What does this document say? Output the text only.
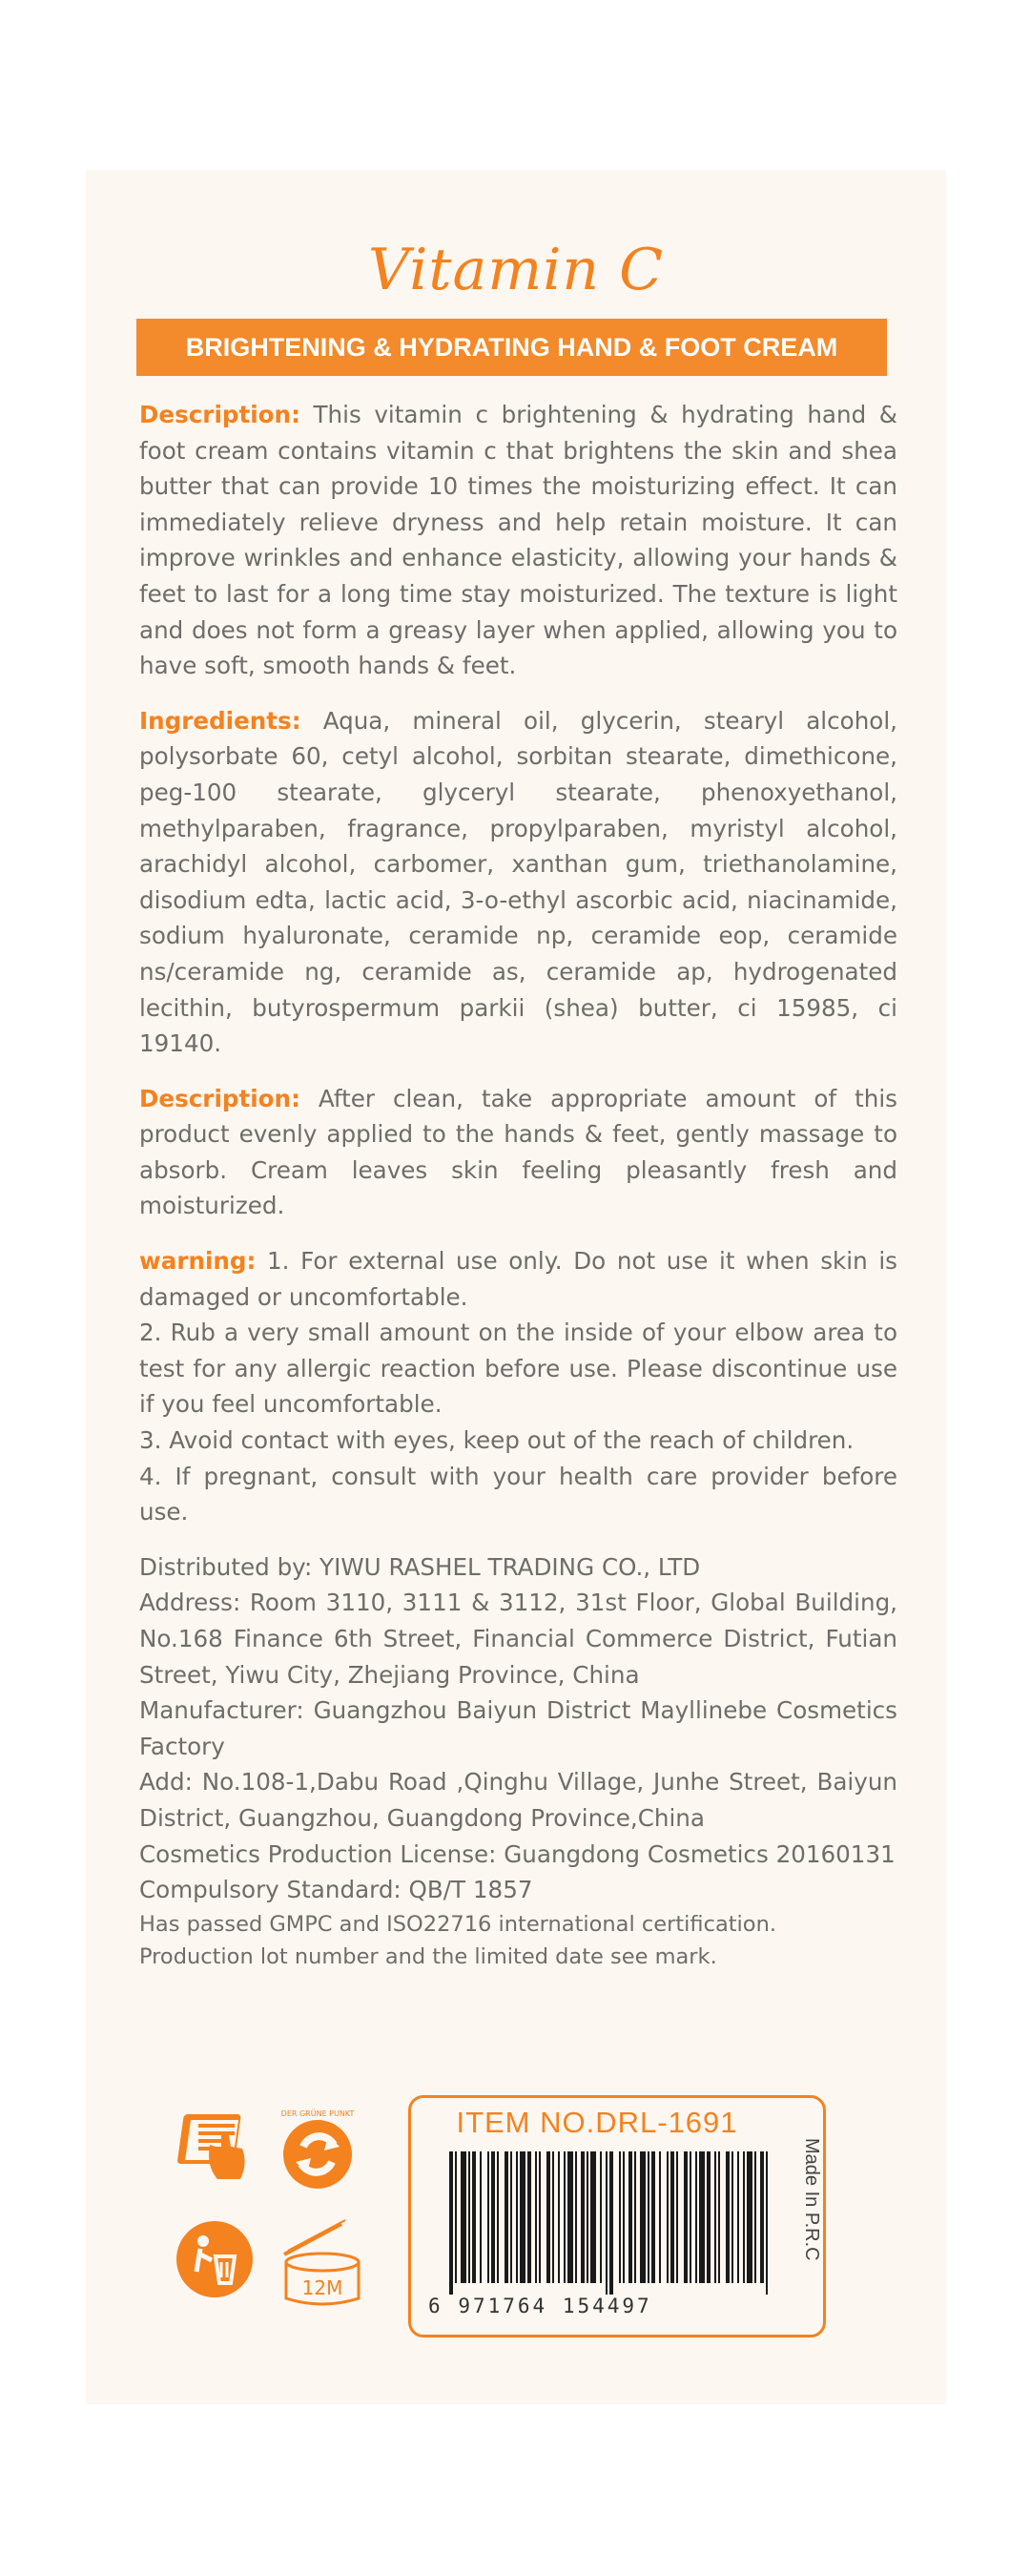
Vitamin C
BRIGHTENING & HYDRATING HAND & FOOT CREAM

Description: This vitamin c brightening & hydrating hand & foot cream contains vitamin c that brightens the skin and shea butter that can provide 10 times the moisturizing effect. It can immediately relieve dryness and help retain moisture. It can improve wrinkles and enhance elasticity, allowing your hands & feet to last for a long time stay moisturized. The texture is light and does not form a greasy layer when applied, allowing you to have soft, smooth hands & feet.

Ingredients: Aqua, mineral oil, glycerin, stearyl alcohol, polysorbate 60, cetyl alcohol, sorbitan stearate, dimethicone, peg-100 stearate, glyceryl stearate, phenoxyethanol, methylparaben, fragrance, propylparaben, myristyl alcohol, arachidyl alcohol, carbomer, xanthan gum, triethanolamine, disodium edta, lactic acid, 3-o-ethyl ascorbic acid, niacinamide, sodium hyaluronate, ceramide np, ceramide eop, ceramide ns/ceramide ng, ceramide as, ceramide ap, hydrogenated lecithin, butyrospermum parkii (shea) butter, ci 15985, ci 19140.

Description: After clean, take appropriate amount of this product evenly applied to the hands & feet, gently massage to absorb. Cream leaves skin feeling pleasantly fresh and moisturized.

warning: 1. For external use only. Do not use it when skin is damaged or uncomfortable.

2. Rub a very small amount on the inside of your elbow area to test for any allergic reaction before use. Please discontinue use if you feel uncomfortable.

3. Avoid contact with eyes, keep out of the reach of children.

4. If pregnant, consult with your health care provider before use.

Distributed by: YIWU RASHEL TRADING CO., LTD

Address: Room 3110, 3111 & 3112, 31st Floor, Global Building, No.168 Finance 6th Street, Financial Commerce District, Futian Street, Yiwu City, Zhejiang Province, China

Manufacturer: Guangzhou Baiyun District Mayllinebe Cosmetics Factory

Add: No.108-1,Dabu Road ,Qinghu Village, Junhe Street, Baiyun District, Guangzhou, Guangdong Province,China

Cosmetics Production License: Guangdong Cosmetics 20160131

Compulsory Standard: QB/T 1857

Has passed GMPC and ISO22716 international certification.

Production lot number and the limited date see mark.

DER GRÜNE PUNKT
12M
ITEM NO.DRL-1691
6 971764 154497
Made In P.R.C
